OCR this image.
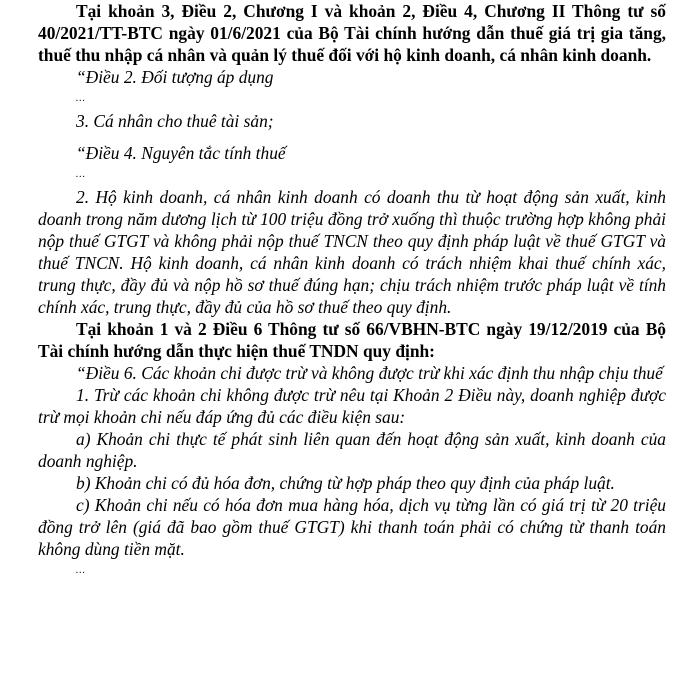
Tại khoản 3, Điều 2, Chương I và khoản 2, Điều 4, Chương II Thông tư số 40/2021/TT-BTC ngày 01/6/2021 của Bộ Tài chính hướng dẫn thuế giá trị gia tăng, thuế thu nhập cá nhân và quản lý thuế đối với hộ kinh doanh, cá nhân kinh doanh.

“Điều 2. Đối tượng áp dụng

…

3. Cá nhân cho thuê tài sản;

“Điều 4. Nguyên tắc tính thuế

…

2. Hộ kinh doanh, cá nhân kinh doanh có doanh thu từ hoạt động sản xuất, kinh doanh trong năm dương lịch từ 100 triệu đồng trở xuống thì thuộc trường hợp không phải nộp thuế GTGT và không phải nộp thuế TNCN theo quy định pháp luật về thuế GTGT và thuế TNCN. Hộ kinh doanh, cá nhân kinh doanh có trách nhiệm khai thuế chính xác, trung thực, đầy đủ và nộp hồ sơ thuế đúng hạn; chịu trách nhiệm trước pháp luật về tính chính xác, trung thực, đầy đủ của hồ sơ thuế theo quy định.

Tại khoản 1 và 2 Điều 6 Thông tư số 66/VBHN-BTC ngày 19/12/2019 của Bộ Tài chính hướng dẫn thực hiện thuế TNDN quy định:

“Điều 6. Các khoản chi được trừ và không được trừ khi xác định thu nhập chịu thuế

1. Trừ các khoản chi không được trừ nêu tại Khoản 2 Điều này, doanh nghiệp được trừ mọi khoản chi nếu đáp ứng đủ các điều kiện sau:

a) Khoản chi thực tế phát sinh liên quan đến hoạt động sản xuất, kinh doanh của doanh nghiệp.

b) Khoản chi có đủ hóa đơn, chứng từ hợp pháp theo quy định của pháp luật.

c) Khoản chi nếu có hóa đơn mua hàng hóa, dịch vụ từng lần có giá trị từ 20 triệu đồng trở lên (giá đã bao gồm thuế GTGT) khi thanh toán phải có chứng từ thanh toán không dùng tiền mặt.

…
